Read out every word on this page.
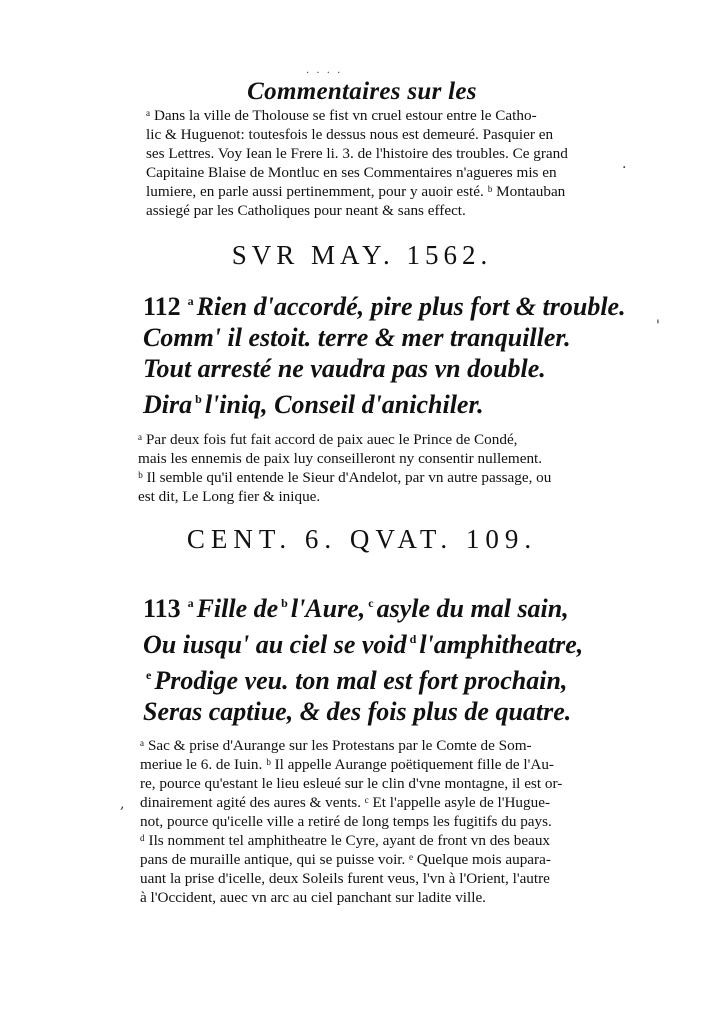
· · · ·
Commentaires sur les

ᵃ Dans la ville de Tholouse se fist vn cruel estour entre le Catho-
lic & Huguenot: toutesfois le dessus nous est demeuré. Pasquier en
ses Lettres. Voy Iean le Frere li. 3. de l'histoire des troubles. Ce grand
Capitaine Blaise de Montluc en ses Commentaires n'agueres mis en
lumiere, en parle aussi pertinemment, pour y auoir esté. ᵇ Montauban
assiegé par les Catholiques pour neant & sans effect.

SVR MAY. 1562.
112 $^a$ Rien d'accordé, pire plus fort & trouble.
Comm' il estoit. terre & mer tranquiller.
Tout arresté ne vaudra pas vn double.
Dira $^b$ l'iniq, Conseil d'anichiler.

ᵃ Par deux fois fut fait accord de paix auec le Prince de Condé,
mais les ennemis de paix luy conseilleront ny consentir nullement.
ᵇ Il semble qu'il entende le Sieur d'Andelot, par vn autre passage, ou
est dit, Le Long fier & inique.

CENT. 6. QVAT. 109.
113 $^a$ Fille de $^b$ l'Aure, $^c$ asyle du mal sain,
Ou iusqu' au ciel se void $^d$ l'amphitheatre,
$^e$ Prodige veu. ton mal est fort prochain,
Seras captiue, & des fois plus de quatre.

ᵃ Sac & prise d'Aurange sur les Protestans par le Comte de Som-
meriue le 6. de Iuin. ᵇ Il appelle Aurange poëtiquement fille de l'Au-
re, pource qu'estant le lieu esleué sur le clin d'vne montagne, il est or-
dinairement agité des aures & vents. ᶜ Et l'appelle asyle de l'Hugue-
not, pource qu'icelle ville a retiré de long temps les fugitifs du pays.
ᵈ Ils nomment tel amphitheatre le Cyre, ayant de front vn des beaux
pans de muraille antique, qui se puisse voir. ᵉ Quelque mois aupara-
uant la prise d'icelle, deux Soleils furent veus, l'vn à l'Orient, l'autre
à l'Occident, auec vn arc au ciel panchant sur ladite ville.

.
'
,
